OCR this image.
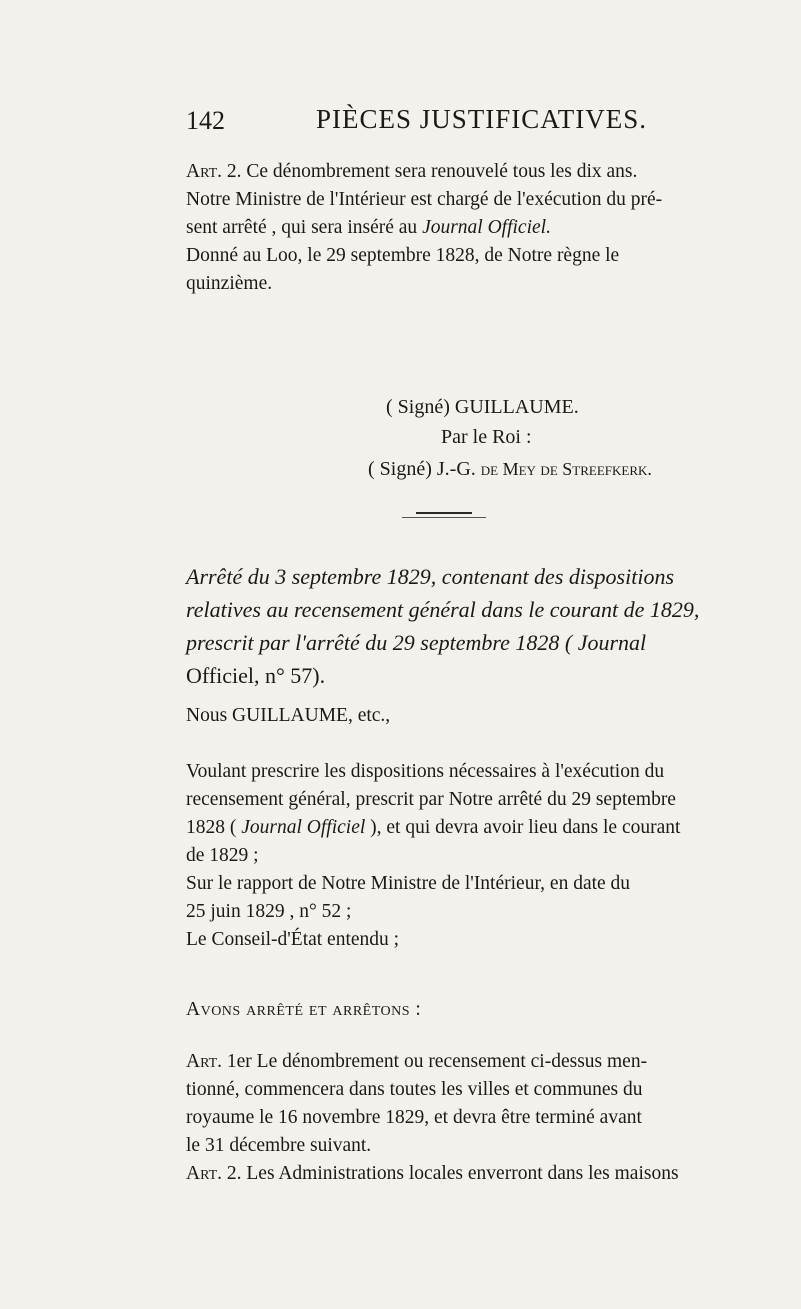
142	PIÈCES JUSTIFICATIVES.
Art. 2. Ce dénombrement sera renouvelé tous les dix ans.
Notre Ministre de l'Intérieur est chargé de l'exécution du pré-
sent arrêté , qui sera inséré au Journal Officiel.
Donné au Loo, le 29 septembre 1828, de Notre règne le
quinzième.
( Signé) GUILLAUME.
Par le Roi :
( Signé) J.-G. de Mey de Streefkerk.
Arrêté du 3 septembre 1829, contenant des dispositions
relatives au recensement général dans le courant de 1829,
prescrit par l'arrêté du 29 septembre 1828 ( Journal
Officiel, n° 57).
Nous GUILLAUME, etc.,
Voulant prescrire les dispositions nécessaires à l'exécution du
recensement général, prescrit par Notre arrêté du 29 septembre
1828 ( Journal Officiel ), et qui devra avoir lieu dans le courant
de 1829 ;
Sur le rapport de Notre Ministre de l'Intérieur, en date du
25 juin 1829 , n° 52 ;
Le Conseil-d'État entendu ;
Avons arrêté et arrêtons :
Art. 1er Le dénombrement ou recensement ci-dessus men-
tionné, commencera dans toutes les villes et communes du
royaume le 16 novembre 1829, et devra être terminé avant
le 31 décembre suivant.
Art. 2. Les Administrations locales enverront dans les maisons
